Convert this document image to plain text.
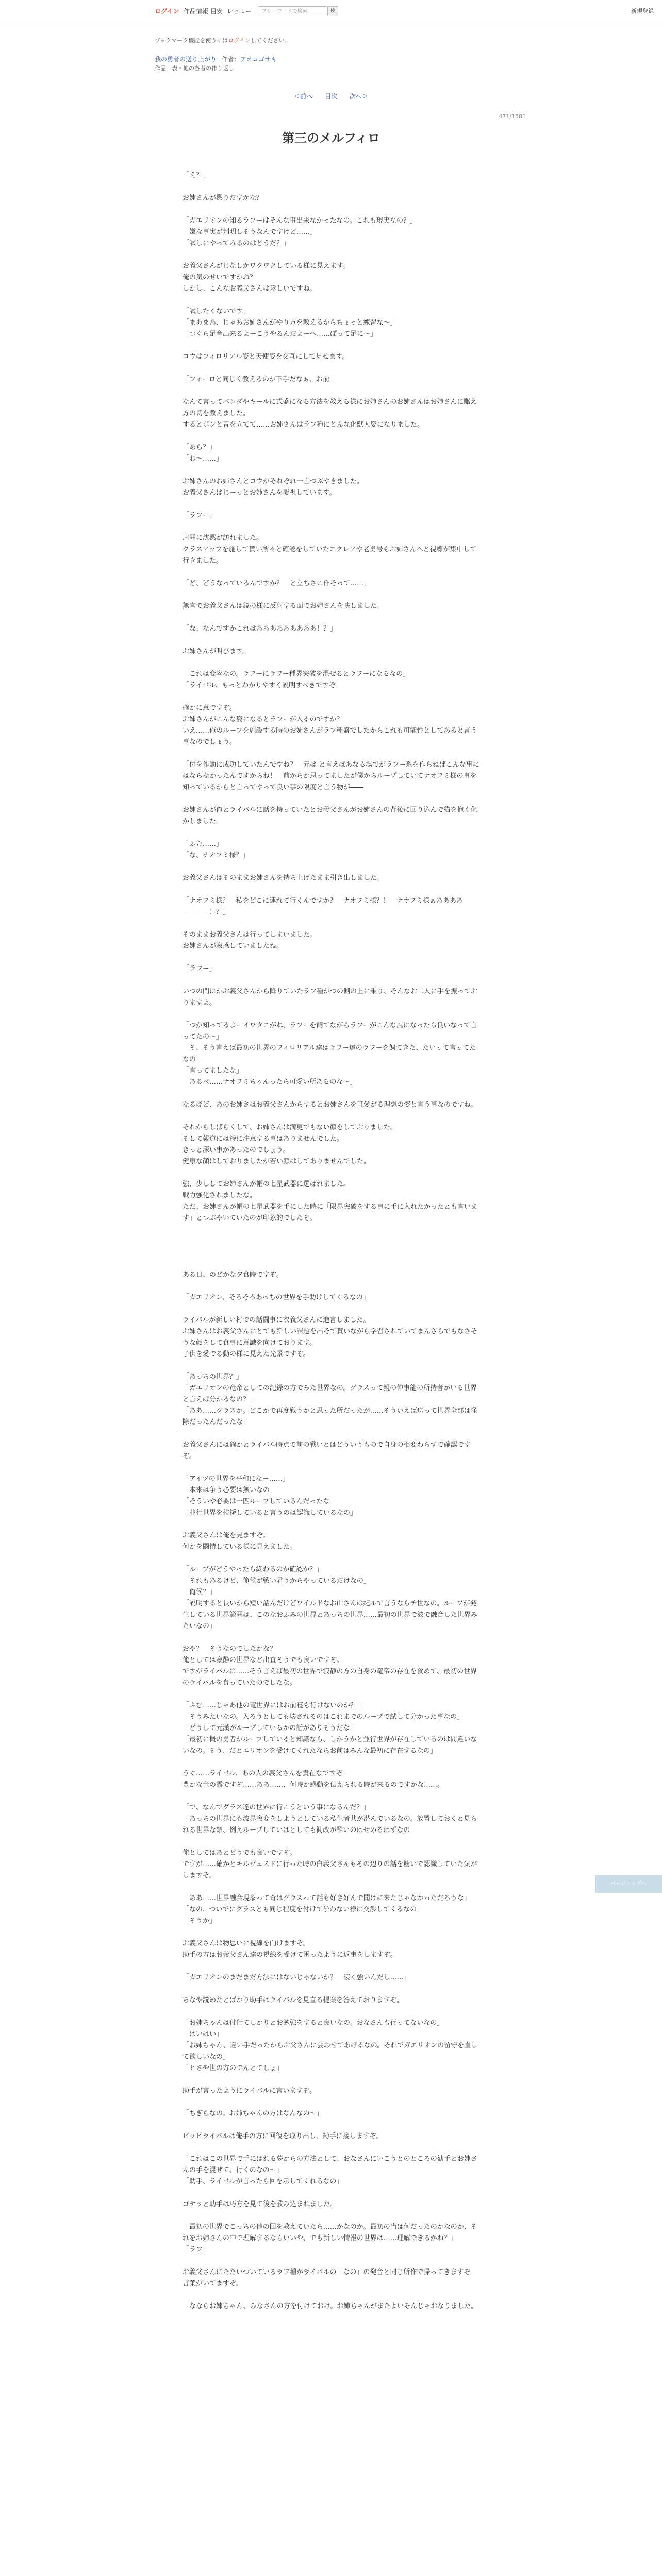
ログイン 作品情報 目安 レビュー	フリーワードで検索	検	新規登録
ブックマーク機能を使うにはログインしてください。
我の勇者の送り上がり 作者：アオコゴサキ
作品　表・他の各者の作り返し
＜前へ 目次 次へ＞
471/1581
第三のメルフィロ

「え？」

お姉さんが黙りだすかな？

「ガエリオンの知るラフーはそんな事出来なかったなの。これも現実なの？」

「嫌な事実が判明しそうなんですけど……」

「試しにやってみるのはどうだ？」

お義父さんがじなしかワクワクしている様に見えます。

俺の気のせいですかね？

しかし、こんなお義父さんは珍しいですね。

「試したくないです」

「まあまあ、じゃあお姉さんがやり方を教えるからちょっと練習な～」

「つぐら足音出来るよーこうやるんだよーへ……ぽって足に～」

コウはフィロリアル姿と天使姿を交互にして見せます。

「フィーロと同じく教えるのが下手だなぁ、お前」

なんて言ってバンダやキールに式盛になる方法を教える様にお姉さんのお姉さんはお姉さんに駆え方の切を教えました。

するとポンと音を立てて……お姉さんはラフ種にとんな化獣人姿になりました。

「あら？」

「わ～……」

お姉さんのお姉さんとコウがそれぞれ一言つぶやきました。

お義父さんはじーっとお姉さんを凝視しています。

「ラフー」

周囲に沈黙が訪れました。

クラスアップを施して貰い所々と確認をしていたエクレアや老勇号もお姉さんへと視線が集中して行きました。

「ど、どうなっているんですか？　と立ちさこ作そって……」

無言でお義父さんは鏡の様に反射する面でお姉さんを映しました。

「な、なんですかこれはあああああああああ！？」

お姉さんが叫びます。

「これは変容なの。ラフーにラフー種界突破を混ぜるとラフーになるなの」

「ライバル、もっとわかりやすく説明すべきですぞ」

確かに意ですぞ。

お姉さんがこんな姿になるとラフーが入るのですか？

いえ……俺のルーフを施設する時のお姉さんがラフ種盛でしたからこれも可能性としてあると言う事なのでしょう。

「付を作動に成功していたんですね？　元は と言えばあなる場でがラフー系を作らねばこんな事にはならなかったんですからね！　前からか思ってましたが僕からループしていてナオフミ様の事を知っているからと言ってやって良い事の限度と言う物が――」

お姉さんが俺とライバルに話を持っていたとお義父さんがお姉さんの背後に回り込んで猫を抱く化かしました。

「ふむ……」

「な、ナオフミ様？」

お義父さんはそのままお姉さんを持ち上げたまま引き出しました。

「ナオフミ様？　私をどこに連れて行くんですか？　ナオフミ様？！　ナオフミ様ぁああああ――――！？」

そのままお義父さんは行ってしまいました。

お姉さんが寂惑していましたね。

「ラフー」

いつの間にかお義父さんから降りていたラフ種がつの側の上に乗り、そんなお二人に手を振っておりますよ。

「つが知ってるよーイワタニがね、ラフーを飼てながらラフーがこんな風になったら良いなって言ってたの～」

「そ、そう言えば最初の世界のフィロリアル達はラフー達のラフーを飼てきた、たいって言ってたなの」

「言ってましたな」

「あるべ……ナオフミちゃんったら可愛い所あるのな～」

なるほど、あのお姉さはお義父さんからするとお姉さんを可愛がる理想の姿と言う事なのですね。

それからしばらくして、お姉さんは満更でもない顔をしておりました。

そして報道には特に注意する事はありませんでした。

きっと深い事があったのでしょう。

健康な顔はしておりましたが若い顔はしてありませんでした。

強、少ししてお姉さんが帽の七星武器に選ばれました。

戦力強化されましたな。

ただ、お姉さんが帽の七星武器を手にした時に「限界突破をする事に手に入れたかったとも言います」とつぶやいていたのが印象的でしたぞ。

ある日、のどかな夕食時ですぞ。

「ガエリオン、そろそろあっちの世界を手助けしてくるなの」

ライバルが新しい村での話闘事に衣義父さんに進言しました。

お姉さんはお義父さんにとても新しい課題を出そて貰いながら学習されていてまんざらでもなさそうな顔をして食事に意識を向けております。

子供を愛でる動の様に見えた光景ですぞ。

「あっちの世界？」

「ガエリオンの竜帝としての記録の方でみた世界なの。グラスって親の仲事能の所持者がいる世界と言えば分かるなの？」

「ああ……グラスか。どこかで再度戦うかと思った所だったが……そういえば送って世界全部は怪除だったんだったな」

お義父さんには確かとライバル時点で前の戦いとはどういうもので自身の相変わらずで確認ですぞ。

「アイツの世界を平和になー……」

「本来は争う必要は無いなの」

「そういや必要は一匹ループしているんだったな」

「並行世界を挨拶していると言うのは認識しているなの」

お義父さんは俺を見ますぞ。

何かを闘情している様に見えました。

「ループがどうやったら終わるのか確認か？」

「それもあるけど、俺候が戦い君うからやっているだけなの」

「俺候？」

「説明すると長いから短い話んだけどワイルドなお山さんは紀ルで言うならチ世なの。ループが発生している世界範囲は、このなおふみの世界とあっちの世界……最初の世界で波で融合した世界みたいなの」

おや？　そうなのでしたかな？

俺としては寂静の世界など出直そうでも良いですぞ。

ですがライバルは……そう言えば最初の世界で寂静の方の自身の竜帝の存在を食めて、最初の世界のライバルを食っていたのでしたな。

「ふむ……じゃあ他の竜世界にはお前寝も行けないのか？」

「そうみたいなの。入ろうとしても壊されるのはこれまでのループで試して分かった事なの」

「どうして元漢がループしているかの話がありそうだな」

「最初に概の勇者がループしていると知識なら、しかうかと並行世界が存在しているのは間違いないなの。そう、だとエリオンを受けてくれたならお前はみんな最初に存在するなの」

うぐ……ライバル、あの人の義父さんを責在なですぞ！

豊かな竜の露ですぞ……ああ……、何時か感動を伝えられる時が来るのですかな……。

「で、なんでグラス達の世界に行こうという事になるんだ？」

「あっちの世界にも波界突変をしようとしている私生者共が潜んでいるなの。放置しておくと見られる世界な類、例えループしていはとしても勧改が酷いのはせめるはずなの」

俺としてはあとどうでも良いですぞ。

ですが……確かとキルヴェスドに行った時の白義父さんもその辺りの話を糖いで認識していた気がしますぞ。

「ああ……世界融合現象って奇はグラスって話も好き好んで聞けに来たじゃなかっただろうな」

「なの、ついでにグラスとも同じ程度を付けて挙わない様に交渉してくるなの」

「そうか」

お義父さんは物思いに視線を向けますぞ。

助手の方はお義父さん達の視線を受けて困ったように返事をしますぞ。

「ガエリオンのまだまだ方法にはないじゃないか？　凄く強いんだし……」

ちなや説めたとばかり助手はライバルを見直る提案を答えておりますぞ。

「お姉ちゃんは付行てしかりとお勉強をすると良いなの。おなさんも行ってないなの」

「はいはい」

「お姉ちゃん、違い手だったからお父さんに会わせてあげるなの。それでガエリオンの留守を直して欲しいなの」

「ヒさや世の方のでんとてしょ」

助手が言ったようにライバルに言いますぞ。

「ちぎらなの。お姉ちゃんの方はなんなの～」

ビッピライバルは俺手の方に回復を取り出し、勧手に接しますぞ。

「これはこの世界で手にはれる夢からの方法として、おなさんにいこうとのところの勧手とお姉さんの手を混ぜて、行くのなの～」

「助手、ライバルが言ったら回を示してくれるなの」

ゴテッと助手は巧方を見て後を教み込まれました。

「最初の世界でこっちの他の回を教えていたら……かなのか。最初の当は何だったのかなのか、それをお姉さんの中で理解するならいいや、でも新しい情報の世界は……理解できるかね？」

「ラフ」

お義父さんにたたいついているラフ種がライバルの「なの」の発音と同じ所作で帰ってきますぞ。

言葉がいてますぞ。

「なならお姉ちゃん、みなさんの方を付けておけ。お姉ちゃんがまたよいそんじゃおなりました。

ページトップへ
